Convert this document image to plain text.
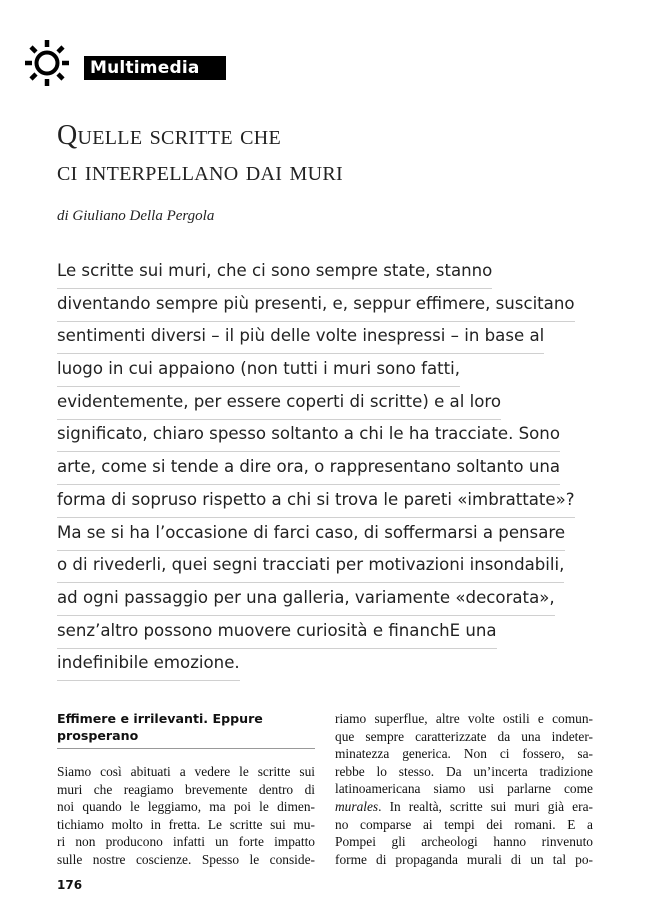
Multimedia
Quelle scritte che
ci interpellano dai muri
di Giuliano Della Pergola
Le scritte sui muri, che ci sono sempre state, stanno
diventando sempre più presenti, e, seppur effimere, suscitano
sentimenti diversi – il più delle volte inespressi – in base al
luogo in cui appaiono (non tutti i muri sono fatti,
evidentemente, per essere coperti di scritte) e al loro
significato, chiaro spesso soltanto a chi le ha tracciate. Sono
arte, come si tende a dire ora, o rappresentano soltanto una
forma di sopruso rispetto a chi si trova le pareti «imbrattate»?
Ma se si ha l’occasione di farci caso, di soffermarsi a pensare
o di rivederli, quei segni tracciati per motivazioni insondabili,
ad ogni passaggio per una galleria, variamente «decorata»,
senz’altro possono muovere curiosità e financhE una
indefinibile emozione.
Effimere e irrilevanti. Eppure
prosperano
Siamo così abituati a vedere le scritte sui
muri che reagiamo brevemente dentro di
noi quando le leggiamo, ma poi le dimen-
tichiamo molto in fretta. Le scritte sui mu-
ri non producono infatti un forte impatto
sulle nostre coscienze. Spesso le conside-
riamo superflue, altre volte ostili e comun-
que sempre caratterizzate da una indeter-
minatezza generica. Non ci fossero, sa-
rebbe lo stesso. Da un’incerta tradizione
latinoamericana siamo usi parlarne come
murales. In realtà, scritte sui muri già era-
no comparse ai tempi dei romani. E a
Pompei gli archeologi hanno rinvenuto
forme di propaganda murali di un tal po-
176
